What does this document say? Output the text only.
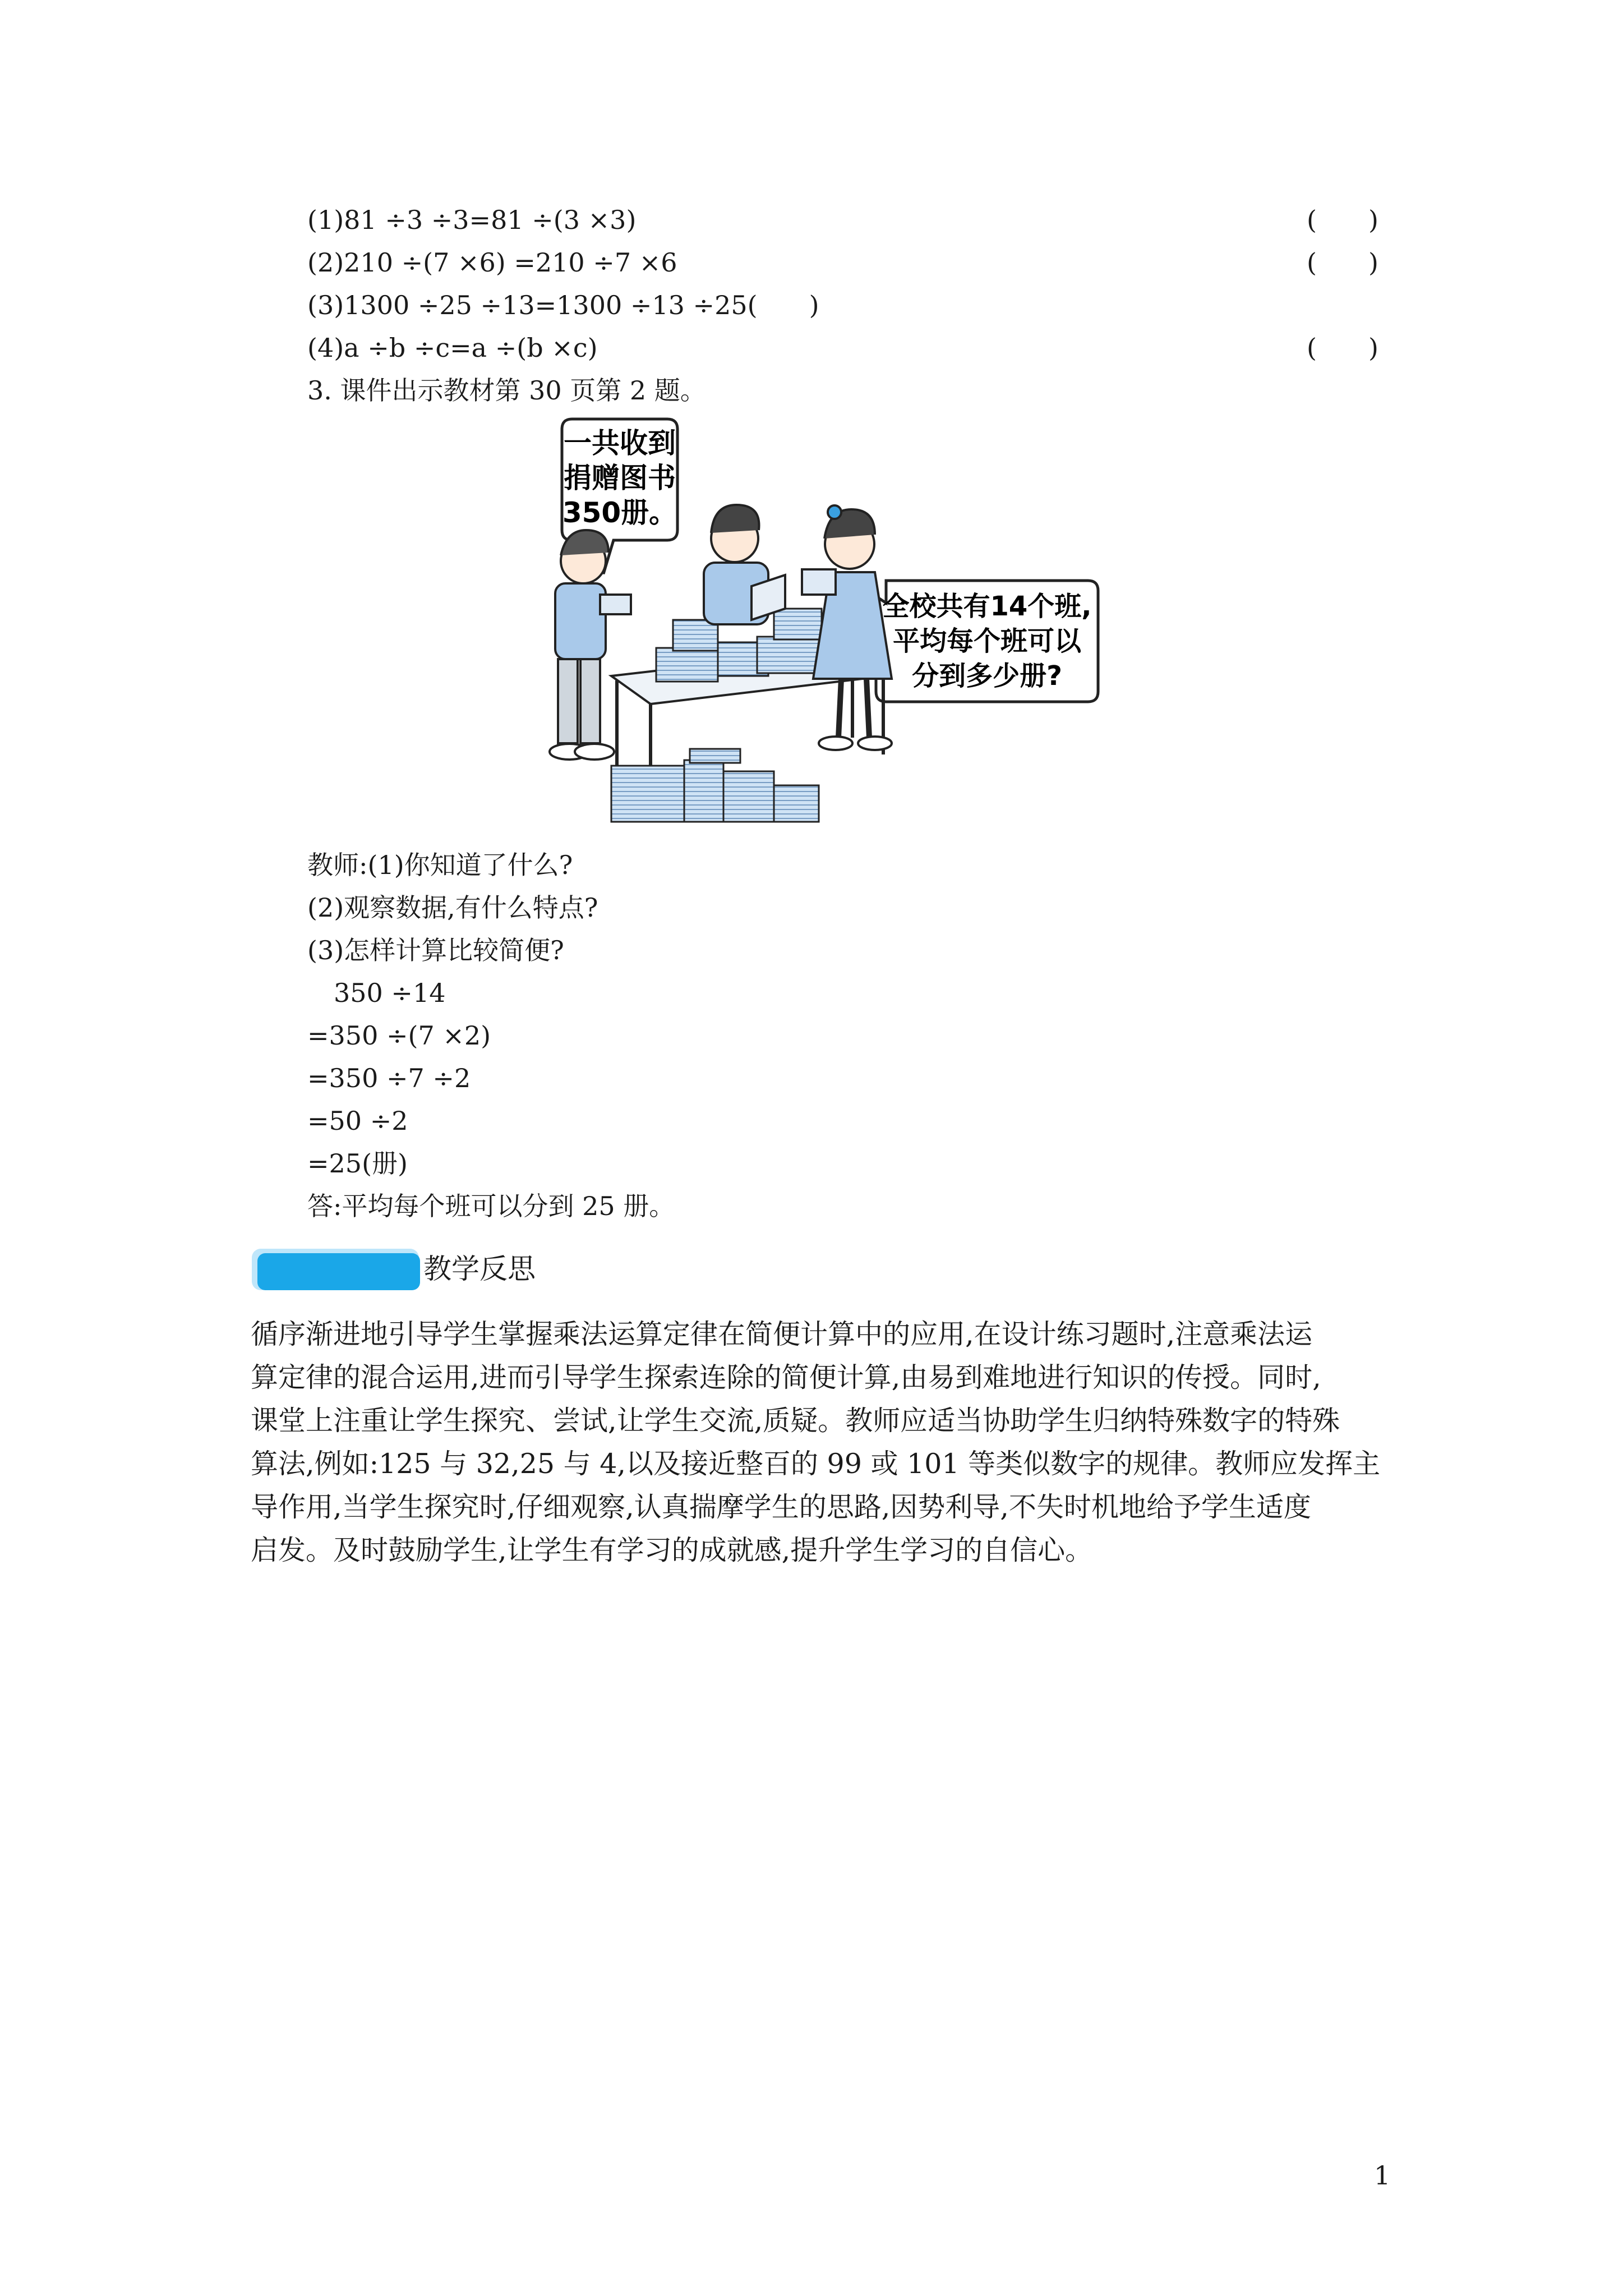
(1)81 ÷3 ÷3=81 ÷(3 ×3)	(　　)
(2)210 ÷(7 ×6) =210 ÷7 ×6	(　　)
(3)1300 ÷25 ÷13=1300 ÷13 ÷25(　　)
(4)a ÷b ÷c=a ÷(b ×c)	(　　)
3. 课件出示教材第 30 页第 2 题。
一共收到
捐赠图书
350册。
全校共有14个班,
平均每个班可以
分到多少册?
教师:(1)你知道了什么?
(2)观察数据,有什么特点?
(3)怎样计算比较简便?
350 ÷14
=350 ÷(7 ×2)
=350 ÷7 ÷2
=50 ÷2
=25(册)
答:平均每个班可以分到 25 册。
教学反思
循序渐进地引导学生掌握乘法运算定律在简便计算中的应用,在设计练习题时,注意乘法运
算定律的混合运用,进而引导学生探索连除的简便计算,由易到难地进行知识的传授。同时,
课堂上注重让学生探究、尝试,让学生交流,质疑。教师应适当协助学生归纳特殊数字的特殊
算法,例如:125 与 32,25 与 4,以及接近整百的 99 或 101 等类似数字的规律。教师应发挥主
导作用,当学生探究时,仔细观察,认真揣摩学生的思路,因势利导,不失时机地给予学生适度
启发。及时鼓励学生,让学生有学习的成就感,提升学生学习的自信心。
1
